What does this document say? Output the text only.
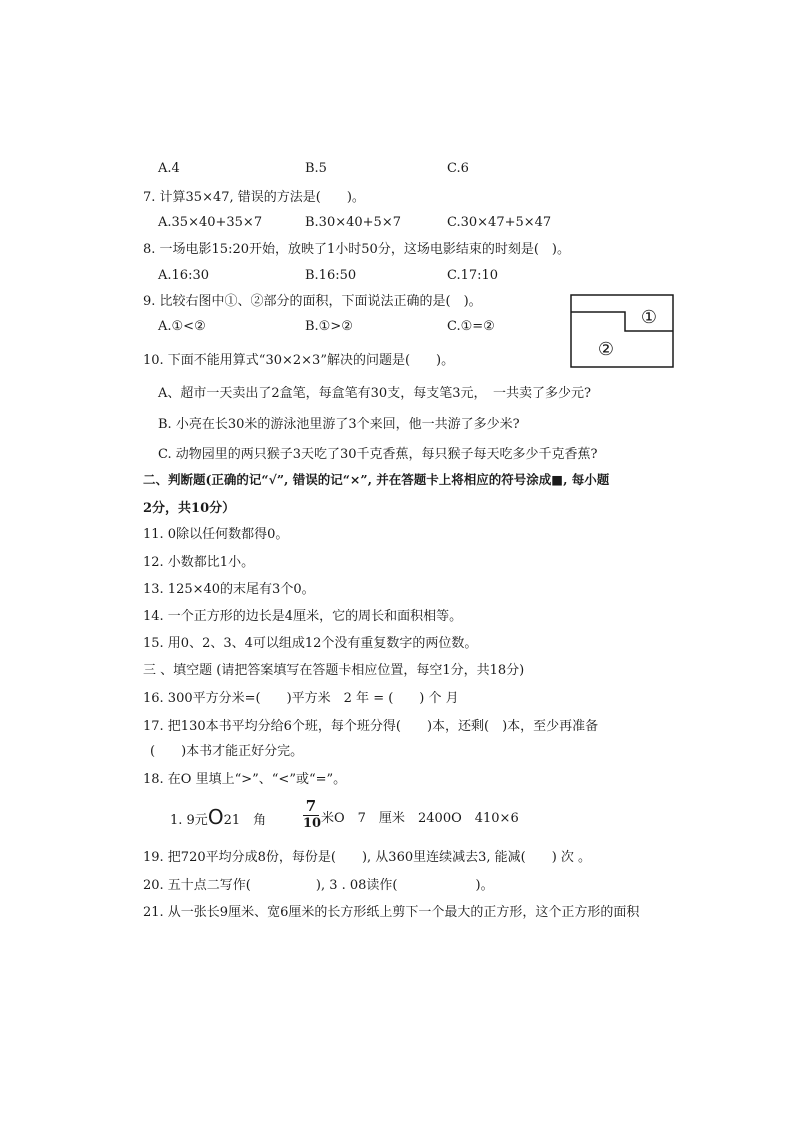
A.4	B.5	C.6
7. 计算35×47, 错误的方法是(　　)。
A.35×40+35×7	B.30×40+5×7	C.30×47+5×47
8. 一场电影15:20开始，放映了1小时50分，这场电影结束的时刻是(　)。
A.16:30	B.16:50	C.17:10
9. 比较右图中①、②部分的面积，下面说法正确的是(　)。
A.①<②	B.①>②	C.①=②	①
②
10. 下面不能用算式“30×2×3”解决的问题是(　　)。
A、超市一天卖出了2盒笔，每盒笔有30支，每支笔3元，　一共卖了多少元?
B. 小亮在长30米的游泳池里游了3个来回，他一共游了多少米?
C. 动物园里的两只猴子3天吃了30千克香蕉，每只猴子每天吃多少千克香蕉?
二、判断题(正确的记“√”, 错误的记“×”, 并在答题卡上将相应的符号涂成■, 每小题
2分，共10分）
11. 0除以任何数都得0。
12. 小数都比1小。
13. 125×40的末尾有3个0。
14. 一个正方形的边长是4厘米，它的周长和面积相等。
15. 用0、2、3、4可以组成12个没有重复数字的两位数。
三 、填空题 (请把答案填写在答题卡相应位置，每空1分，共18分)
16. 300平方分米=(　　)平方米　2 年 = (　　) 个 月
17. 把130本书平均分给6个班，每个班分得(　　)本，还剩(　)本，至少再准备
(　　)本书才能正好分完。
18. 在O 里填上“>”、“<”或“=”。
1. 9元O21　角
7
10 米O　7　厘米 2400O　410×6
19. 把720平均分成8份，每份是(　　), 从360里连续减去3, 能减(　　) 次 。
20. 五十点二写作(　　　　　), 3 . 08读作(　　　　　　)。
21. 从一张长9厘米、宽6厘米的长方形纸上剪下一个最大的正方形，这个正方形的面积
